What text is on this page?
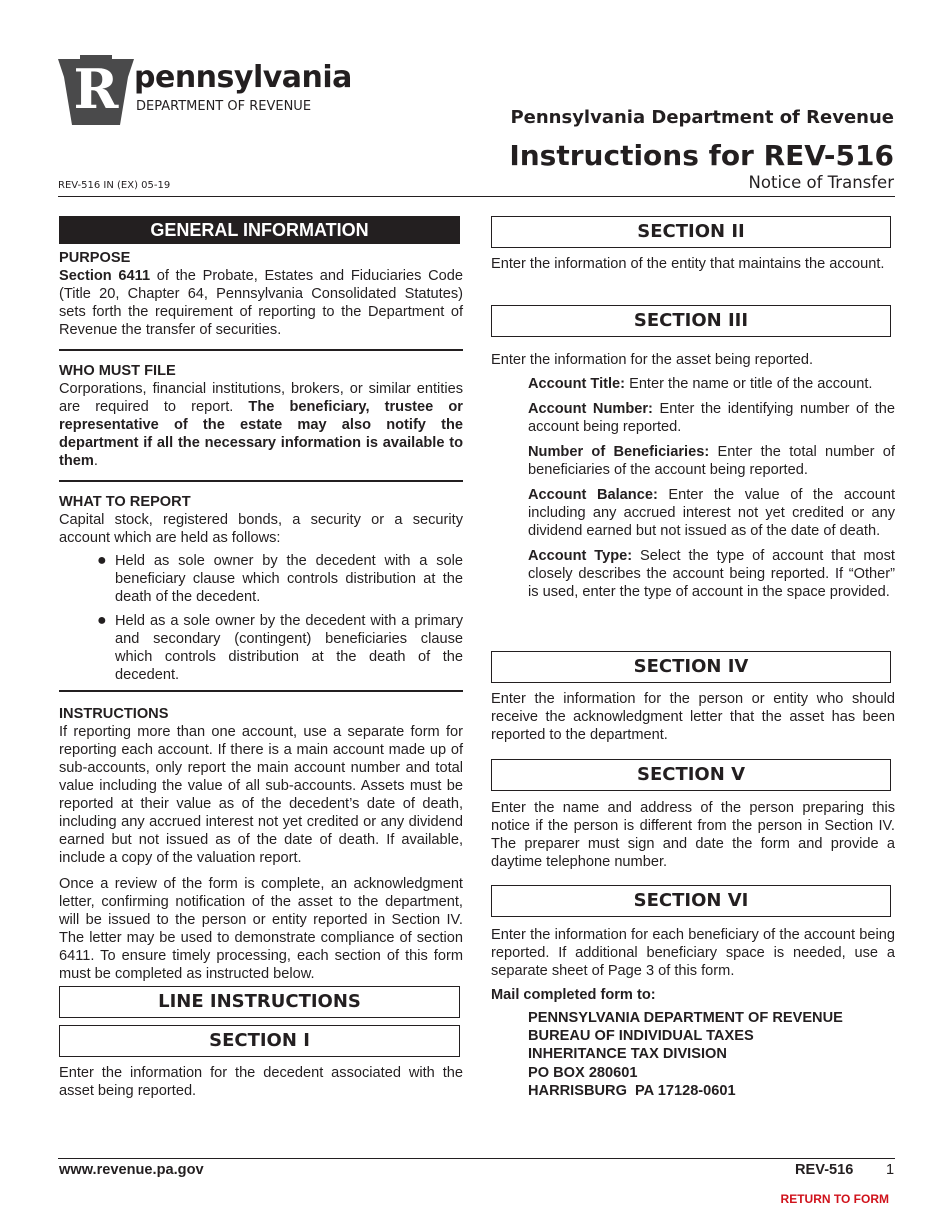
R pennsylvania
DEPARTMENT OF REVENUE
Pennsylvania Department of Revenue
Instructions for REV-516
Notice of Transfer
REV-516 IN (EX) 05-19
GENERAL INFORMATION
PURPOSE

Section 6411 of the Probate, Estates and Fiduciaries Code (Title 20, Chapter 64, Pennsylvania Consolidated Statutes) sets forth the requirement of reporting to the Department of Revenue the transfer of securities.

WHO MUST FILE

Corporations, financial institutions, brokers, or similar entities are required to report. The beneficiary, trustee or representative of the estate may also notify the department if all the necessary information is available to them.

WHAT TO REPORT

Capital stock, registered bonds, a security or a security account which are held as follows:

● Held as sole owner by the decedent with a sole beneficiary clause which controls distribution at the death of the decedent.
● Held as a sole owner by the decedent with a primary and secondary (contingent) beneficiaries clause which controls distribution at the death of the decedent.
INSTRUCTIONS

If reporting more than one account, use a separate form for reporting each account. If there is a main account made up of sub-accounts, only report the main account number and total value including the value of all sub-accounts. Assets must be reported at their value as of the decedent’s date of death, including any accrued interest not yet credited or any dividend earned but not issued as of the date of death. If available, include a copy of the valuation report.

Once a review of the form is complete, an acknowledgment letter, confirming notification of the asset to the department, will be issued to the person or entity reported in Section IV. The letter may be used to demonstrate compliance of section 6411. To ensure timely processing, each section of this form must be completed as instructed below.

LINE INSTRUCTIONS
SECTION I

Enter the information for the decedent associated with the asset being reported.

SECTION II

Enter the information of the entity that maintains the account.

SECTION III

Enter the information for the asset being reported.

Account Title: Enter the name or title of the account.

Account Number: Enter the identifying number of the account being reported.

Number of Beneficiaries: Enter the total number of beneficiaries of the account being reported.

Account Balance: Enter the value of the account including any accrued interest not yet credited or any dividend earned but not issued as of the date of death.

Account Type: Select the type of account that most closely describes the account being reported. If “Other” is used, enter the type of account in the space provided.

SECTION IV

Enter the information for the person or entity who should receive the acknowledgment letter that the asset has been reported to the department.

SECTION V

Enter the name and address of the person preparing this notice if the person is different from the person in Section IV. The preparer must sign and date the form and provide a daytime telephone number.

SECTION VI

Enter the information for each beneficiary of the account being reported. If additional beneficiary space is needed, use a separate sheet of Page 3 of this form.

Mail completed form to:
PENNSYLVANIA DEPARTMENT OF REVENUE
BUREAU OF INDIVIDUAL TAXES
INHERITANCE TAX DIVISION
PO BOX 280601
HARRISBURG  PA 17128-0601
www.revenue.pa.gov	REV-516 1
RETURN TO FORM
